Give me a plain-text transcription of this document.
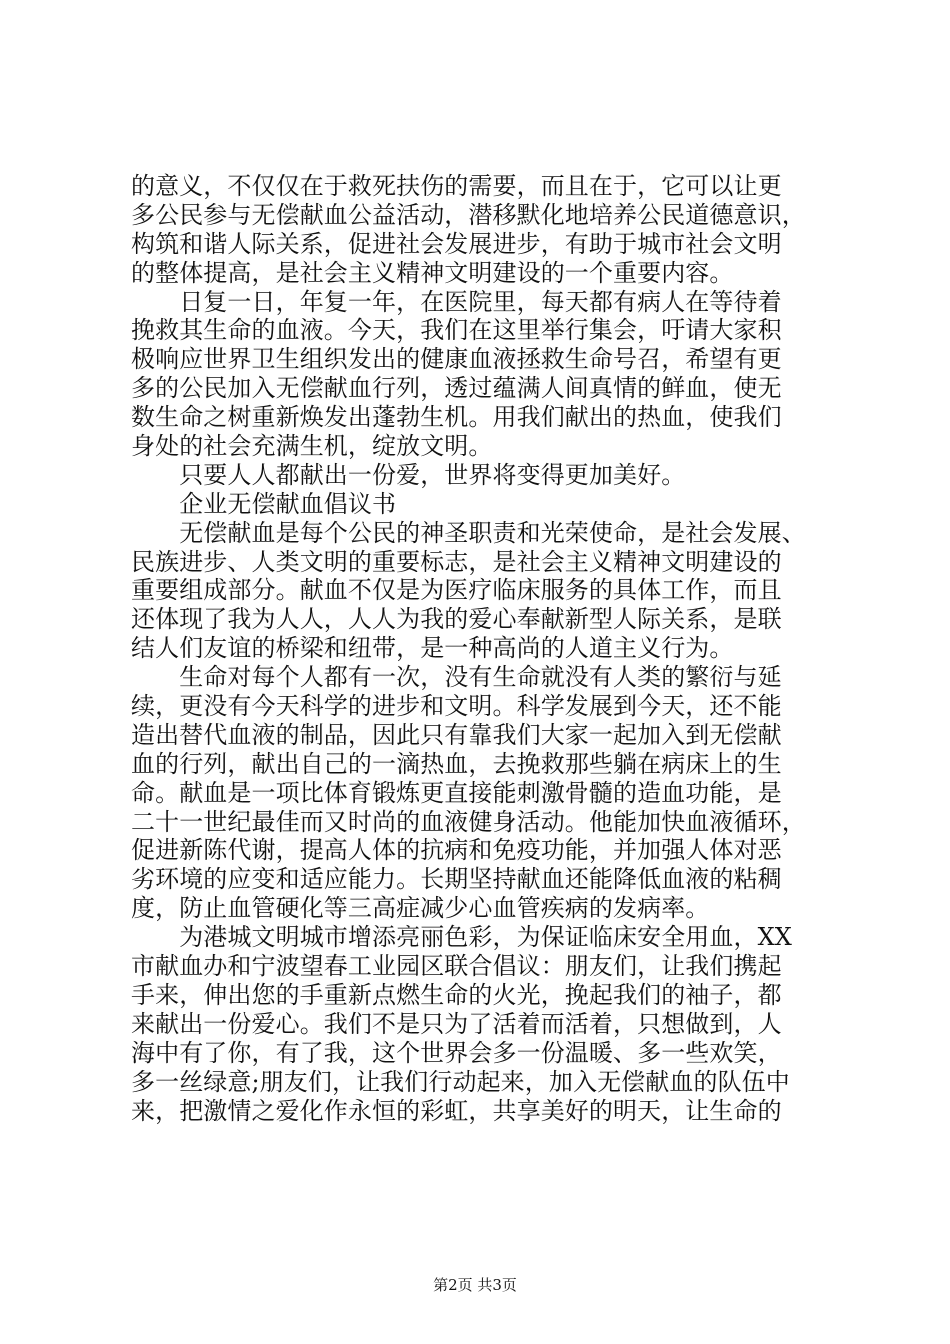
的意义，不仅仅在于救死扶伤的需要，而且在于，它可以让更
多公民参与无偿献血公益活动，潜移默化地培养公民道德意识，
构筑和谐人际关系，促进社会发展进步，有助于城市社会文明
的整体提高，是社会主义精神文明建设的一个重要内容。
　　日复一日，年复一年，在医院里，每天都有病人在等待着
挽救其生命的血液。今天，我们在这里举行集会，吁请大家积
极响应世界卫生组织发出的健康血液拯救生命号召，希望有更
多的公民加入无偿献血行列，透过蕴满人间真情的鲜血，使无
数生命之树重新焕发出蓬勃生机。用我们献出的热血，使我们
身处的社会充满生机，绽放文明。
　　只要人人都献出一份爱，世界将变得更加美好。
　　企业无偿献血倡议书
　　无偿献血是每个公民的神圣职责和光荣使命，是社会发展、
民族进步、人类文明的重要标志，是社会主义精神文明建设的
重要组成部分。献血不仅是为医疗临床服务的具体工作，而且
还体现了我为人人，人人为我的爱心奉献新型人际关系，是联
结人们友谊的桥梁和纽带，是一种高尚的人道主义行为。
　　生命对每个人都有一次，没有生命就没有人类的繁衍与延
续，更没有今天科学的进步和文明。科学发展到今天，还不能
造出替代血液的制品，因此只有靠我们大家一起加入到无偿献
血的行列，献出自己的一滴热血，去挽救那些躺在病床上的生
命。献血是一项比体育锻炼更直接能刺激骨髓的造血功能，是
二十一世纪最佳而又时尚的血液健身活动。他能加快血液循环，
促进新陈代谢，提高人体的抗病和免疫功能，并加强人体对恶
劣环境的应变和适应能力。长期坚持献血还能降低血液的粘稠
度，防止血管硬化等三高症减少心血管疾病的发病率。
　　为港城文明城市增添亮丽色彩，为保证临床安全用血，XX
市献血办和宁波望春工业园区联合倡议：朋友们，让我们携起
手来，伸出您的手重新点燃生命的火光，挽起我们的袖子，都
来献出一份爱心。我们不是只为了活着而活着，只想做到，人
海中有了你，有了我，这个世界会多一份温暖、多一些欢笑，
多一丝绿意;朋友们，让我们行动起来，加入无偿献血的队伍中
来，把激情之爱化作永恒的彩虹，共享美好的明天，让生命的
第2页 共3页
